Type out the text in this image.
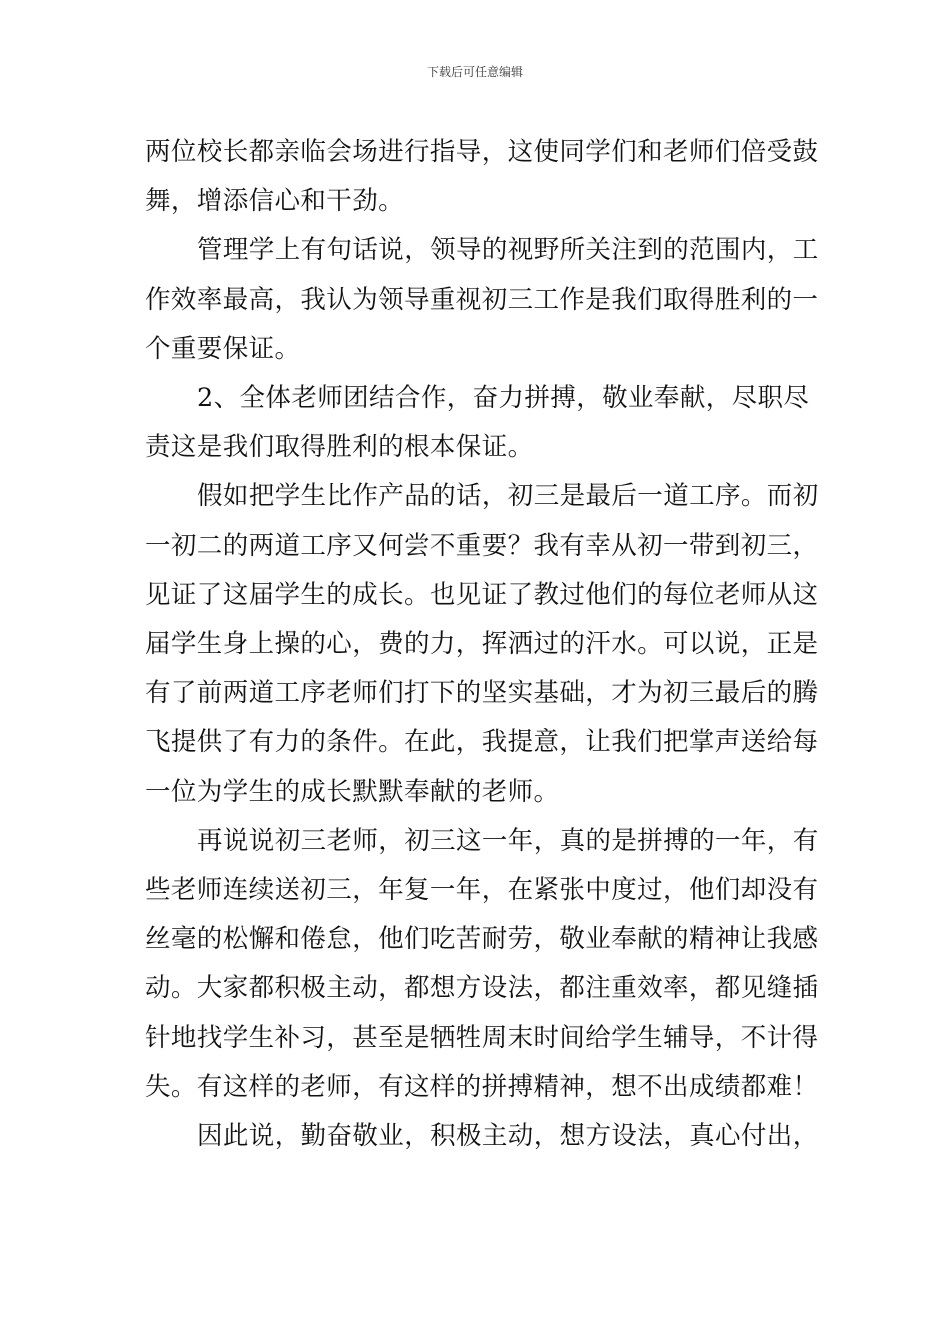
下载后可任意编辑

两位校长都亲临会场进行指导，这使同学们和老师们倍受鼓舞，增添信心和干劲。

管理学上有句话说，领导的视野所关注到的范围内，工作效率最高，我认为领导重视初三工作是我们取得胜利的一个重要保证。

2、全体老师团结合作，奋力拼搏，敬业奉献，尽职尽责这是我们取得胜利的根本保证。

假如把学生比作产品的话，初三是最后一道工序。而初一初二的两道工序又何尝不重要？我有幸从初一带到初三，见证了这届学生的成长。也见证了教过他们的每位老师从这届学生身上操的心，费的力，挥洒过的汗水。可以说，正是有了前两道工序老师们打下的坚实基础，才为初三最后的腾飞提供了有力的条件。在此，我提意，让我们把掌声送给每一位为学生的成长默默奉献的老师。

再说说初三老师，初三这一年，真的是拼搏的一年，有些老师连续送初三，年复一年，在紧张中度过，他们却没有丝毫的松懈和倦怠，他们吃苦耐劳，敬业奉献的精神让我感动。大家都积极主动，都想方设法，都注重效率，都见缝插针地找学生补习，甚至是牺牲周末时间给学生辅导，不计得失。有这样的老师，有这样的拼搏精神，想不出成绩都难！

因此说，勤奋敬业，积极主动，想方设法，真心付出，
